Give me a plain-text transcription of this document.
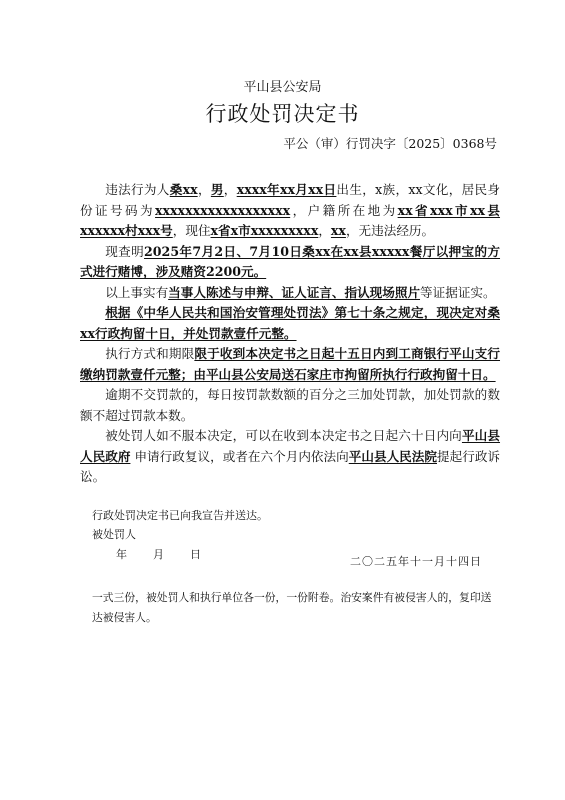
平山县公安局
行政处罚决定书
平公（审）行罚决字〔2025〕0368号

违法行为人桑xx，男，xxxx年xx月xx日出生，x族，xx文化，居民身份证号码为xxxxxxxxxxxxxxxxxx，户籍所在地为xx省xxx市xx县xxxxxx村xxx号，现住x省x市xxxxxxxxx，xx，无违法经历。

现查明2025年7月2日、7月10日桑xx在xx县xxxxx餐厅以押宝的方式进行赌博，涉及赌资2200元。

以上事实有当事人陈述与申辩、证人证言、指认现场照片等证据证实。

根据《中华人民共和国治安管理处罚法》第七十条之规定，现决定对桑xx行政拘留十日，并处罚款壹仟元整。

执行方式和期限限于收到本决定书之日起十五日内到工商银行平山支行缴纳罚款壹仟元整；由平山县公安局送石家庄市拘留所执行行政拘留十日。

逾期不交罚款的，每日按罚款数额的百分之三加处罚款，加处罚款的数额不超过罚款本数。

被处罚人如不服本决定，可以在收到本决定书之日起六十日内向平山县人民政府 申请行政复议，或者在六个月内依法向平山县人民法院提起行政诉讼。

行政处罚决定书已向我宣告并送达。
被处罚人
年 月 日
二〇二五年十一月十四日
一式三份，被处罚人和执行单位各一份，一份附卷。治安案件有被侵害人的，复印送达被侵害人。
